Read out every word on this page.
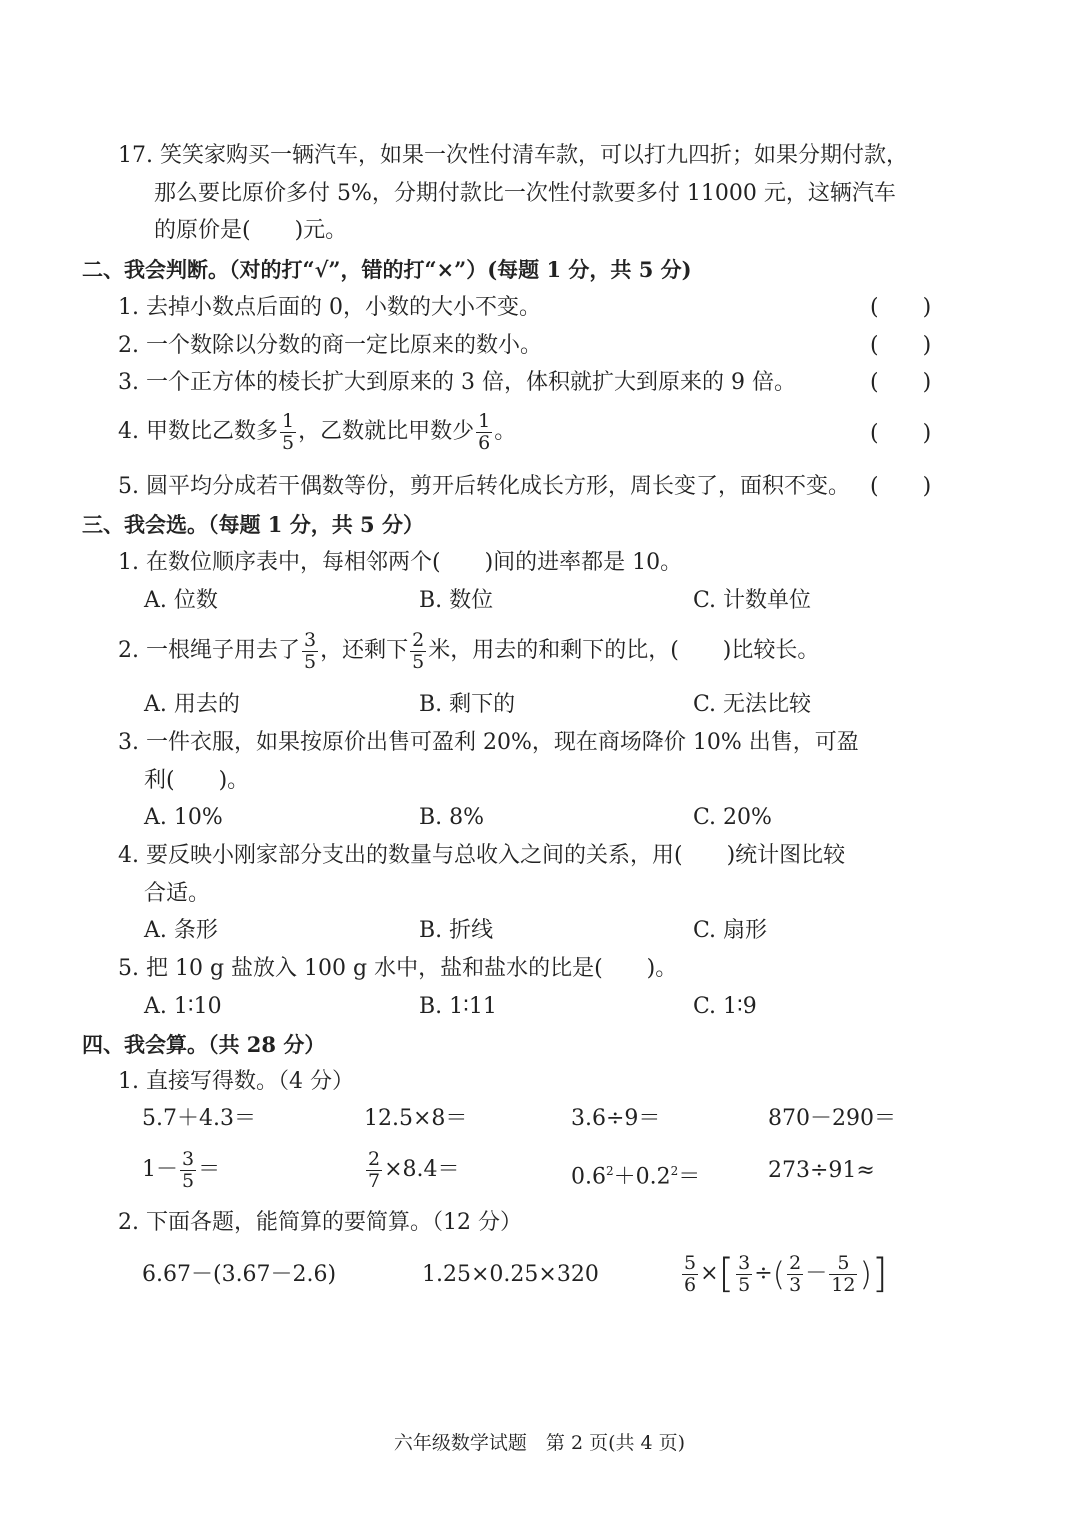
17. 笑笑家购买一辆汽车，如果一次性付清车款，可以打九四折；如果分期付款，
那么要比原价多付 5%，分期付款比一次性付款要多付 11000 元，这辆汽车
的原价是(　　)元。
二、我会判断。（对的打“√”，错的打“×”）(每题 1 分，共 5 分)
1. 去掉小数点后面的 0，小数的大小不变。	(　　)
2. 一个数除以分数的商一定比原来的数小。	(　　)
3. 一个正方体的棱长扩大到原来的 3 倍，体积就扩大到原来的 9 倍。	(　　)
4. 甲数比乙数多 $\frac{1}{5}$ ，乙数就比甲数少 $\frac{1}{6}$ 。	(　　)
5. 圆平均分成若干偶数等份，剪开后转化成长方形，周长变了，面积不变。 (　　)
三、我会选。（每题 1 分，共 5 分）
1. 在数位顺序表中，每相邻两个(　　)间的进率都是 10。
A. 位数	B. 数位	C. 计数单位
2. 一根绳子用去了 $\frac{3}{5}$ ，还剩下 $\frac{2}{5}$ 米，用去的和剩下的比，(　　)比较长。
A. 用去的	B. 剩下的	C. 无法比较
3. 一件衣服，如果按原价出售可盈利 20%，现在商场降价 10% 出售，可盈
利(　　)。
A. 10%	B. 8%	C. 20%
4. 要反映小刚家部分支出的数量与总收入之间的关系，用(　　)统计图比较
合适。
A. 条形	B. 折线	C. 扇形
5. 把 10 g 盐放入 100 g 水中，盐和盐水的比是(　　)。
A. 1∶10	B. 1∶11	C. 1∶9
四、我会算。（共 28 分）
1. 直接写得数。（4 分）
5.7＋4.3＝	12.5×8＝	3.6÷9＝	870－290＝
$1- \frac{3}{5}$ ＝	$\frac{2}{7} \times 8.4=$	$0.6^2+0.2^2=$	273÷91≈
2. 下面各题，能简算的要简算。（12 分）
6.67－(3.67－2.6)	1.25×0.25×320	$\frac{5}{6}$ ×[ $\frac{3}{5}$ ÷( $\frac{2}{3} - \frac{5}{12}$ )]
六年级数学试题　第 2 页(共 4 页)
